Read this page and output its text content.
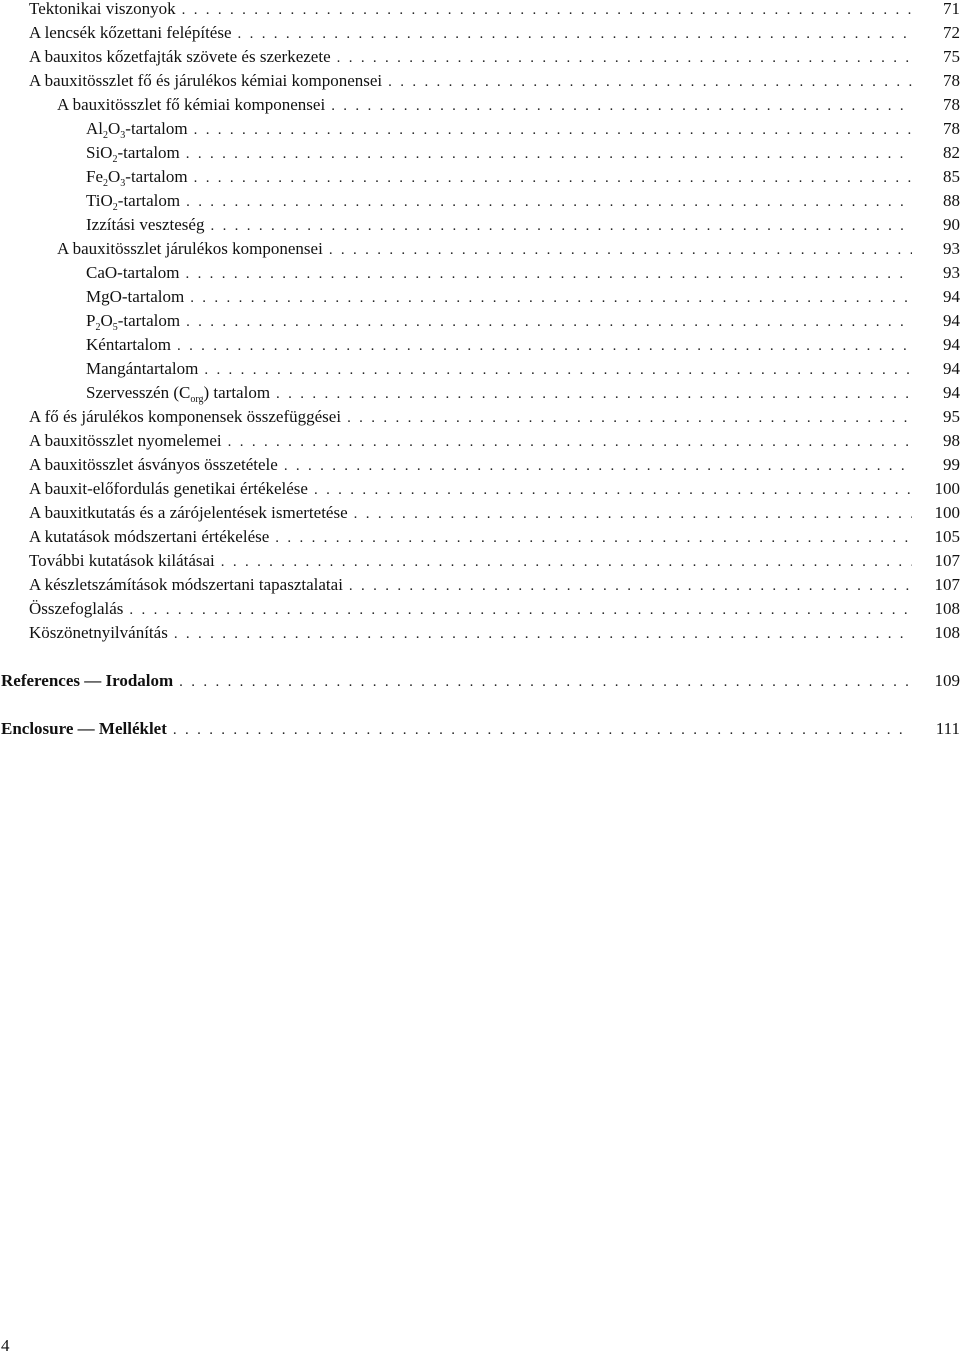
Tektonikai viszonyok . . .	71
A lencsék kőzettani felépítése . . .	72
A bauxitos kőzetfajták szövete és szerkezete . . .	75
A bauxitösszlet fő és járulékos kémiai komponensei . . .	78
A bauxitösszlet fő kémiai komponensei . . .	78
$Al_2O_3$-tartalom . . .	78
SiO$_2$-tartalom . . .	82
$Fe_2O_3$-tartalom . . .	85
TiO$_2$-tartalom . . .	88
Izzítási veszteség . . .	90
A bauxitösszlet járulékos komponensei . . .	93
CaO-tartalom . . .	93
MgO-tartalom . . .	94
$P_2O_5$-tartalom . . .	94
Kéntartalom . . .	94
Mangántartalom . . .	94
Szervesszén $(C_{org})$ tartalom . . .	94
A fő és járulékos komponensek összefüggései . . .	95
A bauxitösszlet nyomelemei . . .	98
A bauxitösszlet ásványos összetétele . . .	99
A bauxit-előfordulás genetikai értékelése . . .	100
A bauxitkutatás és a zárójelentések ismertetése . . .	100
A kutatások módszertani értékelése . . .	105
További kutatások kilátásai . . .	107
A készletszámítások módszertani tapasztalatai . . .	107
Összefoglalás . . .	108
Köszönetnyilvánítás . . .	108
References — Irodalom . . .	109
Enclosure — Melléklet . . .	111
4
